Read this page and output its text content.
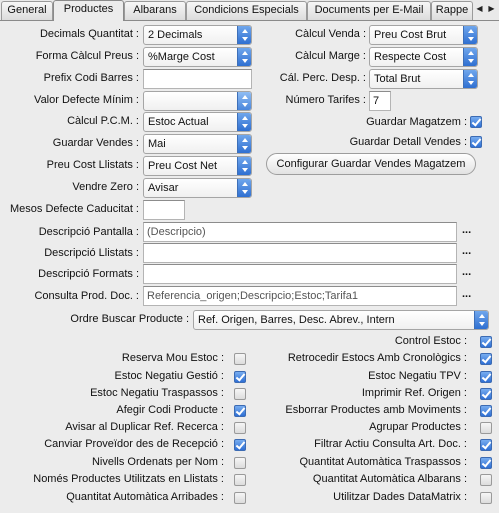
General	Productes	Albarans	Condicions Especials	Documents per E-Mail	Rappe	◀ ▶
Decimals Quantitat : 2 Decimals
Forma Càlcul Preus : %Marge Cost
Prefix Codi Barres :
Valor Defecte Mínim :
Càlcul P.C.M. : Estoc Actual
Guardar Vendes : Mai
Preu Cost Llistats : Preu Cost Net
Vendre Zero : Avisar
Mesos Defecte Caducitat :
Càlcul Venda : Preu Cost Brut
Càlcul Marge : Respecte Cost
Cál. Perc. Desp. : Total Brut
Número Tarifes : 7
Guardar Magatzem :
Guardar Detall Vendes :
Configurar Guardar Vendes Magatzem
Descripció Pantalla : (Descripcio)	...
Descripció Llistats :	...
Descripció Formats :	...
Consulta Prod. Doc. : Referencia_origen;Descripcio;Estoc;Tarifa1	...
Ordre Buscar Producte : Ref. Origen, Barres, Desc. Abrev., Intern
Reserva Mou Estoc :
Estoc Negatiu Gestió :
Estoc Negatiu Traspassos :
Afegir Codi Producte :
Avisar al Duplicar Ref. Recerca :
Canviar Proveïdor des de Recepció :
Nivells Ordenats per Nom :
Només Productes Utilitzats en Llistats :
Quantitat Automàtica Arribades :
Control Estoc :
Retrocedir Estocs Amb Cronològics :
Estoc Negatiu TPV :
Imprimir Ref. Origen :
Esborrar Productes amb Moviments :
Agrupar Productes :
Filtrar Actiu Consulta Art. Doc. :
Quantitat Automàtica Traspassos :
Quantitat Automàtica Albarans :
Utilitzar Dades DataMatrix :
